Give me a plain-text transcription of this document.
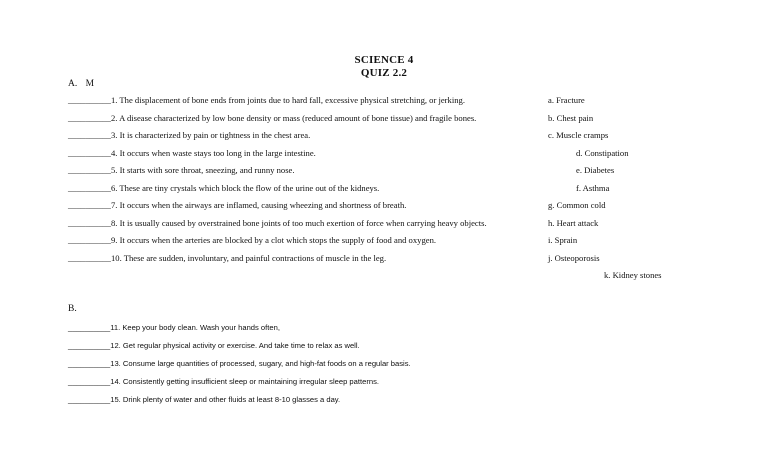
SCIENCE 4
QUIZ 2.2
A. M
__________1. The displacement of bone ends from joints due to hard fall, excessive physical stretching, or jerking.
__________2. A disease characterized by low bone density or mass (reduced amount of bone tissue) and fragile bones.
__________3. It is characterized by pain or tightness in the chest area.
__________4. It occurs when waste stays too long in the large intestine.
__________5. It starts with sore throat, sneezing, and runny nose.
__________6. These are tiny crystals which block the flow of the urine out of the kidneys.
__________7. It occurs when the airways are inflamed, causing wheezing and shortness of breath.
__________8. It is usually caused by overstrained bone joints of too much exertion of force when carrying heavy objects.
__________9. It occurs when the arteries are blocked by a clot which stops the supply of food and oxygen.
__________10. These are sudden, involuntary, and painful contractions of muscle in the leg.
a. Fracture
b. Chest pain
c. Muscle cramps
d. Constipation
e. Diabetes
f. Asthma
g. Common cold
h. Heart attack
i. Sprain
j. Osteoporosis
k. Kidney stones
B.
__________11. Keep your body clean. Wash your hands often,
__________12. Get regular physical activity or exercise. And take time to relax as well.
__________13. Consume large quantities of processed, sugary, and high-fat foods on a regular basis.
__________14. Consistently getting insufficient sleep or maintaining irregular sleep patterns.
__________15. Drink plenty of water and other fluids at least 8-10 glasses a day.
